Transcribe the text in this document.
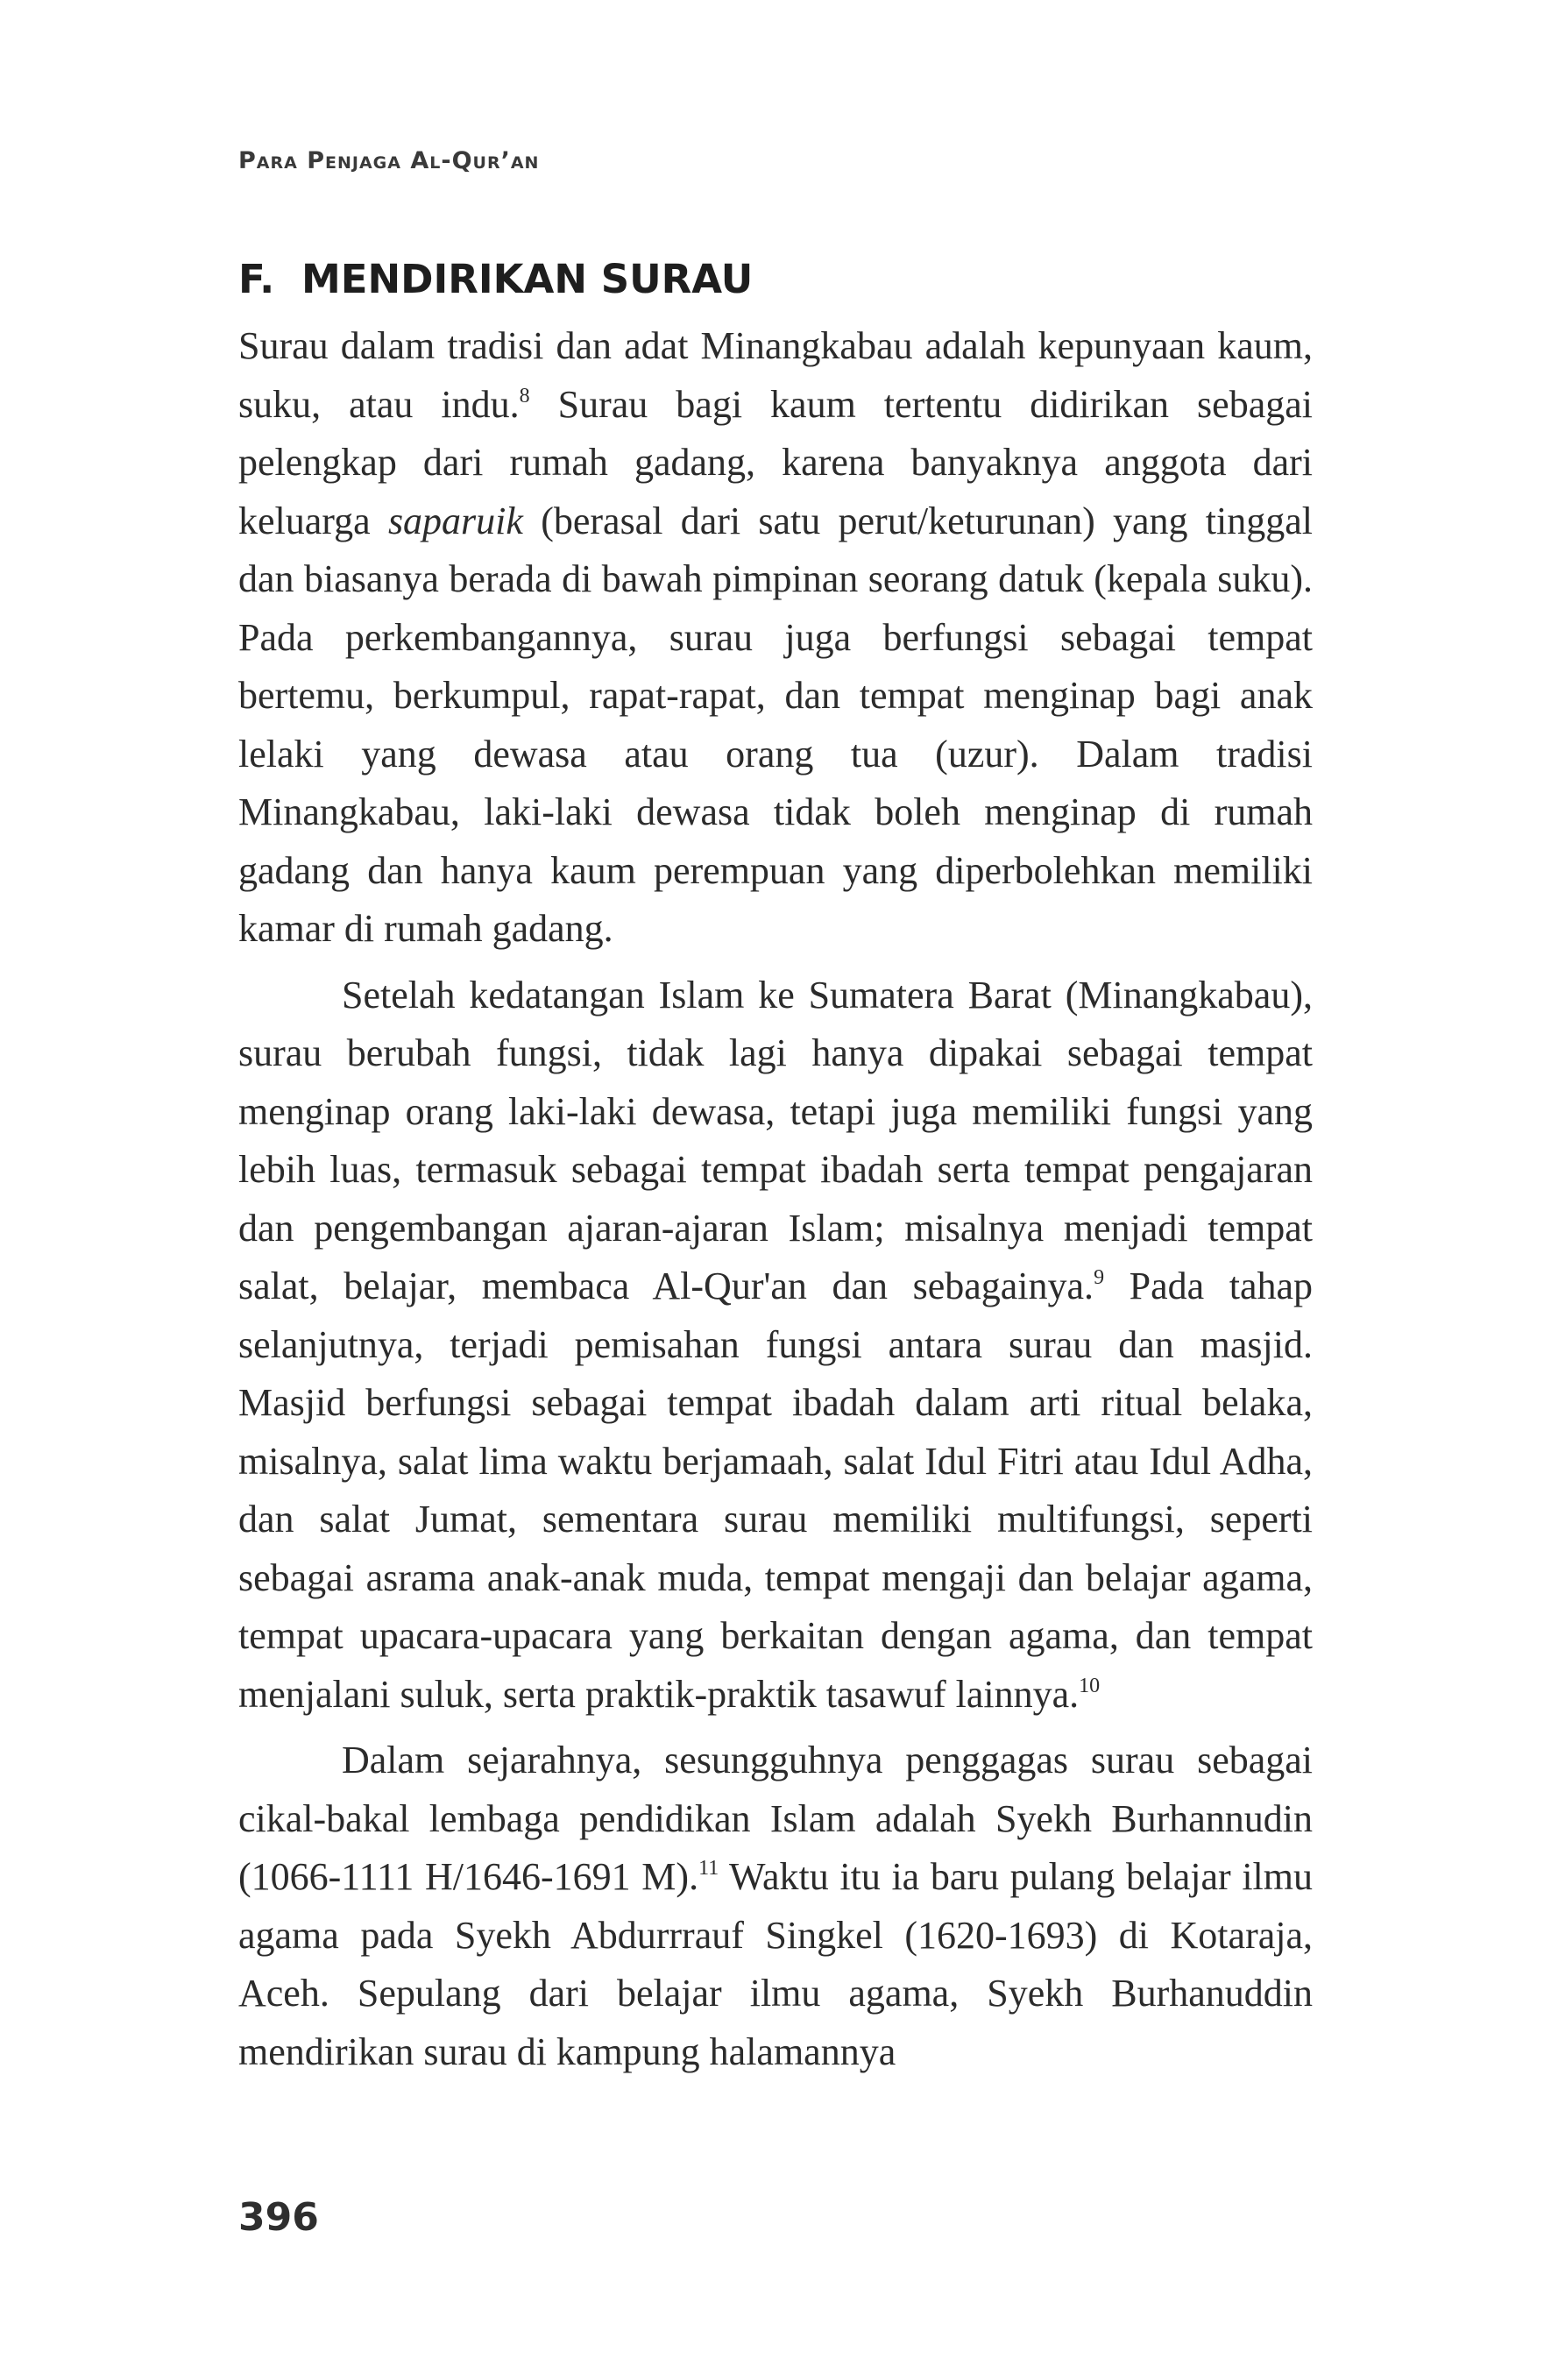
Para Penjaga Al-Qur’an
F. MENDIRIKAN SURAU

Surau dalam tradisi dan adat Minangkabau adalah kepunyaan kaum, suku, atau indu.$^8$ Surau bagi kaum tertentu didirikan sebagai pelengkap dari rumah gadang, karena banyaknya anggota dari keluarga saparuik (berasal dari satu perut/keturunan) yang tinggal dan biasanya berada di bawah pimpinan seorang datuk (kepala suku). Pada perkembangannya, surau juga berfungsi sebagai tempat bertemu, berkumpul, rapat-rapat, dan tempat menginap bagi anak lelaki yang dewasa atau orang tua (uzur). Dalam tradisi Minangkabau, laki-laki dewasa tidak boleh menginap di rumah gadang dan hanya kaum perempuan yang diperbolehkan memiliki kamar di rumah gadang.

Setelah kedatangan Islam ke Sumatera Barat (Minangkabau), surau berubah fungsi, tidak lagi hanya dipakai sebagai tempat menginap orang laki-laki dewasa, tetapi juga memiliki fungsi yang lebih luas, termasuk sebagai tempat ibadah serta tempat pengajaran dan pengembangan ajaran-ajaran Islam; misalnya menjadi tempat salat, belajar, membaca Al-Qur'an dan sebagainya.$^9$ Pada tahap selanjutnya, terjadi pemisahan fungsi antara surau dan masjid. Masjid berfungsi sebagai tempat ibadah dalam arti ritual belaka, misalnya, salat lima waktu berjamaah, salat Idul Fitri atau Idul Adha, dan salat Jumat, sementara surau memiliki multifungsi, seperti sebagai asrama anak-anak muda, tempat mengaji dan belajar agama, tempat upacara-upacara yang berkaitan dengan agama, dan tempat menjalani suluk, serta praktik-praktik tasawuf lainnya.$^{10}$

Dalam sejarahnya, sesungguhnya penggagas surau sebagai cikal-bakal lembaga pendidikan Islam adalah Syekh Burhannudin (1066-1111 H/1646-1691 M).$^{11}$ Waktu itu ia baru pulang belajar ilmu agama pada Syekh Abdurrrauf Singkel (1620-1693) di Kotaraja, Aceh. Sepulang dari belajar ilmu agama, Syekh Burhanuddin mendirikan surau di kampung halamannya

396
